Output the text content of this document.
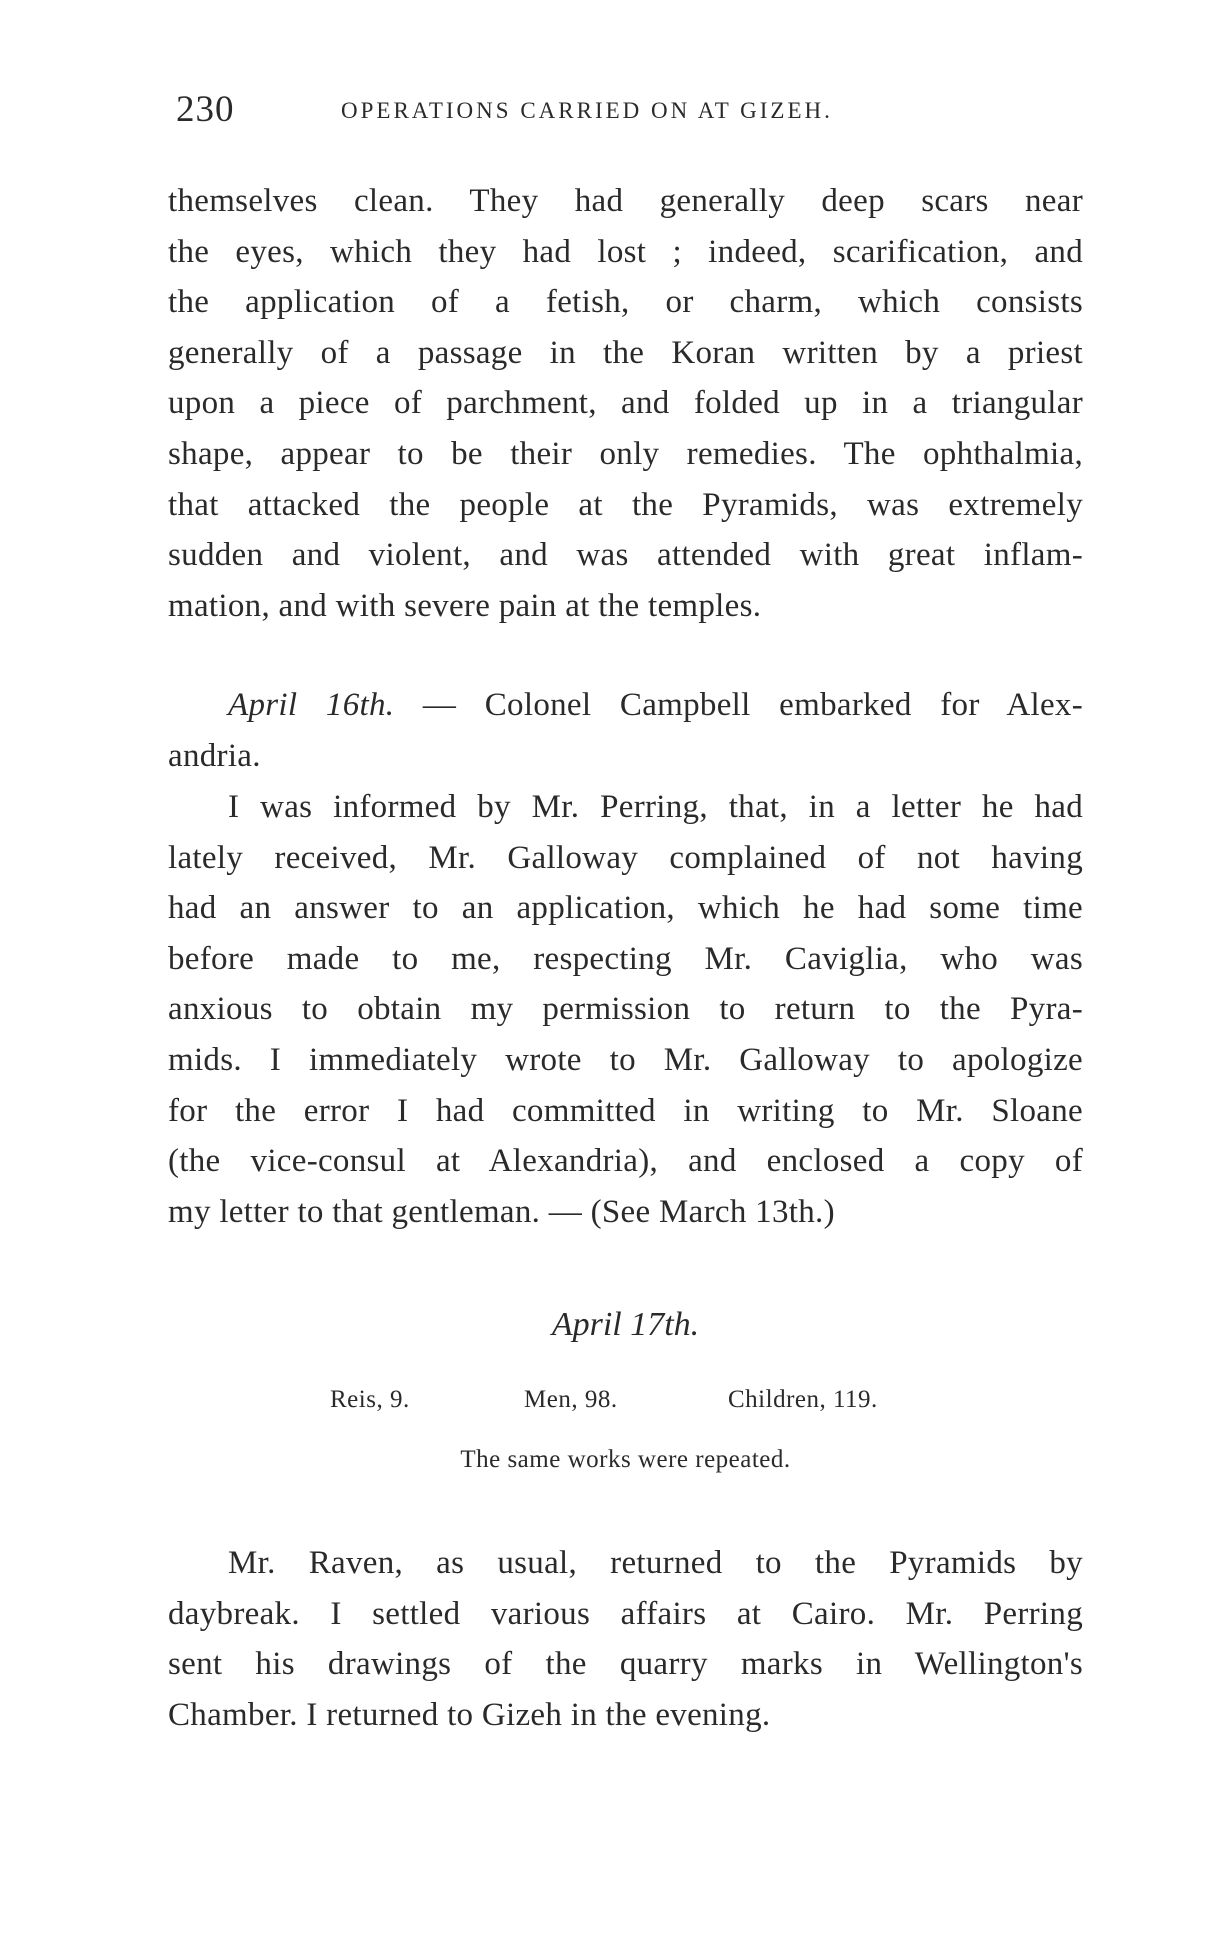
230	OPERATIONS CARRIED ON AT GIZEH.
themselves clean. They had generally deep scars near
the eyes, which they had lost ; indeed, scarification, and
the application of a fetish, or charm, which consists
generally of a passage in the Koran written by a priest
upon a piece of parchment, and folded up in a triangular
shape, appear to be their only remedies. The ophthalmia,
that attacked the people at the Pyramids, was extremely
sudden and violent, and was attended with great inflam-
mation, and with severe pain at the temples.
April 16th. — Colonel Campbell embarked for Alex-
andria.
I was informed by Mr. Perring, that, in a letter he had
lately received, Mr. Galloway complained of not having
had an answer to an application, which he had some time
before made to me, respecting Mr. Caviglia, who was
anxious to obtain my permission to return to the Pyra-
mids. I immediately wrote to Mr. Galloway to apologize
for the error I had committed in writing to Mr. Sloane
(the vice-consul at Alexandria), and enclosed a copy of
my letter to that gentleman. — (See March 13th.)
April 17th.
Reis, 9.	Men, 98.	Children, 119.
The same works were repeated.
Mr. Raven, as usual, returned to the Pyramids by
daybreak. I settled various affairs at Cairo. Mr. Perring
sent his drawings of the quarry marks in Wellington's
Chamber. I returned to Gizeh in the evening.
